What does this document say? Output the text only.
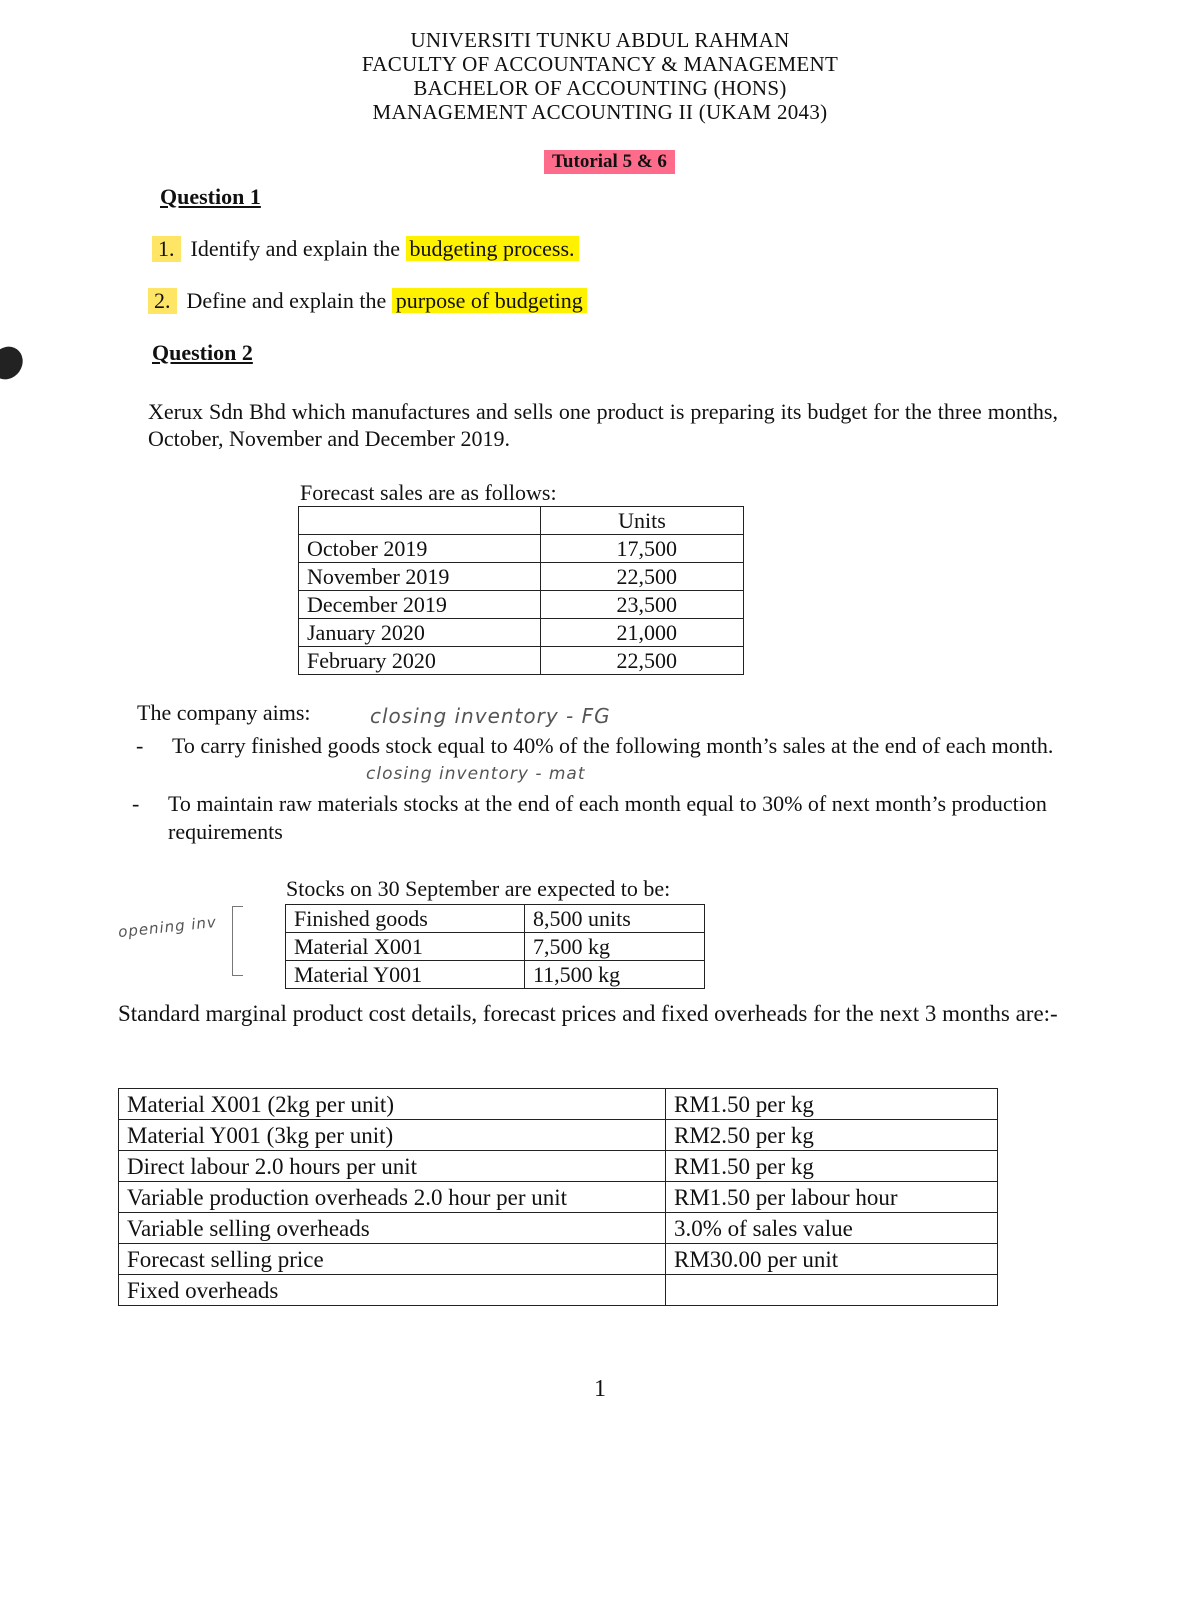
UNIVERSITI TUNKU ABDUL RAHMAN
FACULTY OF ACCOUNTANCY & MANAGEMENT
BACHELOR OF ACCOUNTING (HONS)
MANAGEMENT ACCOUNTING II (UKAM 2043)
Tutorial 5 & 6
Question 1
1. Identify and explain the budgeting process.
2. Define and explain the purpose of budgeting
Question 2
Xerux Sdn Bhd which manufactures and sells one product is preparing its budget for the three months, October, November and December 2019.
Forecast sales are as follows:
	Units
October 2019	17,500
November 2019	22,500
December 2019	23,500
January 2020	21,000
February 2020	22,500
The company aims:	closing inventory - FG
- To carry finished goods stock equal to 40% of the following month’s sales at the end of each month.
closing inventory - mat
- To maintain raw materials stocks at the end of each month equal to 30% of next month’s production requirements
Stocks on 30 September are expected to be:
opening inv	Finished goods	8,500 units
Material X001	7,500 kg
Material Y001	11,500 kg
Standard marginal product cost details, forecast prices and fixed overheads for the next 3 months are:-
Material X001 (2kg per unit)	RM1.50 per kg
Material Y001 (3kg per unit)	RM2.50 per kg
Direct labour 2.0 hours per unit	RM1.50 per kg
Variable production overheads 2.0 hour per unit	RM1.50 per labour hour
Variable selling overheads	3.0% of sales value
Forecast selling price	RM30.00 per unit
Fixed overheads	
1
